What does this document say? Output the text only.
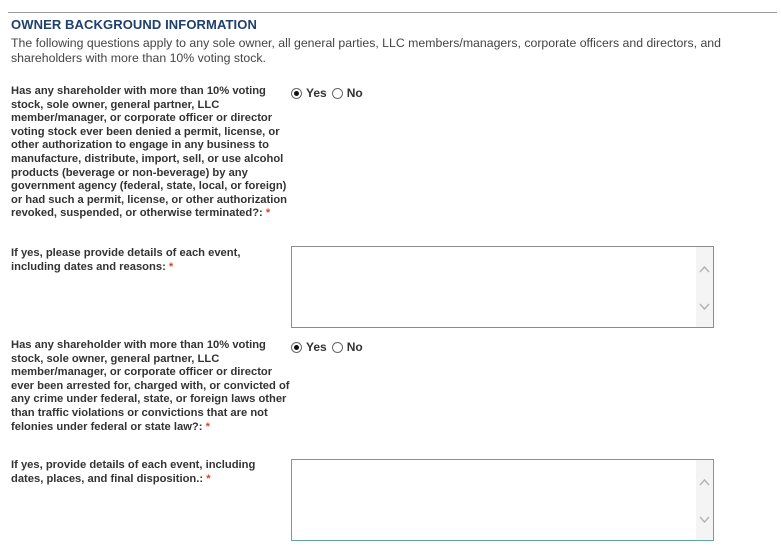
OWNER BACKGROUND INFORMATION
The following questions apply to any sole owner, all general parties, LLC members/managers, corporate officers and directors, and shareholders with more than 10% voting stock.
Has any shareholder with more than 10% voting stock, sole owner, general partner, LLC member/manager, or corporate officer or director voting stock ever been denied a permit, license, or other authorization to engage in any business to manufacture, distribute, import, sell, or use alcohol products (beverage or non-beverage) by any government agency (federal, state, local, or foreign) or had such a permit, license, or other authorization revoked, suspended, or otherwise terminated?: *
Yes No
If yes, please provide details of each event, including dates and reasons: *
Has any shareholder with more than 10% voting stock, sole owner, general partner, LLC member/manager, or corporate officer or director ever been arrested for, charged with, or convicted of any crime under federal, state, or foreign laws other than traffic violations or convictions that are not felonies under federal or state law?: *
Yes No
If yes, provide details of each event, including dates, places, and final disposition.: *
